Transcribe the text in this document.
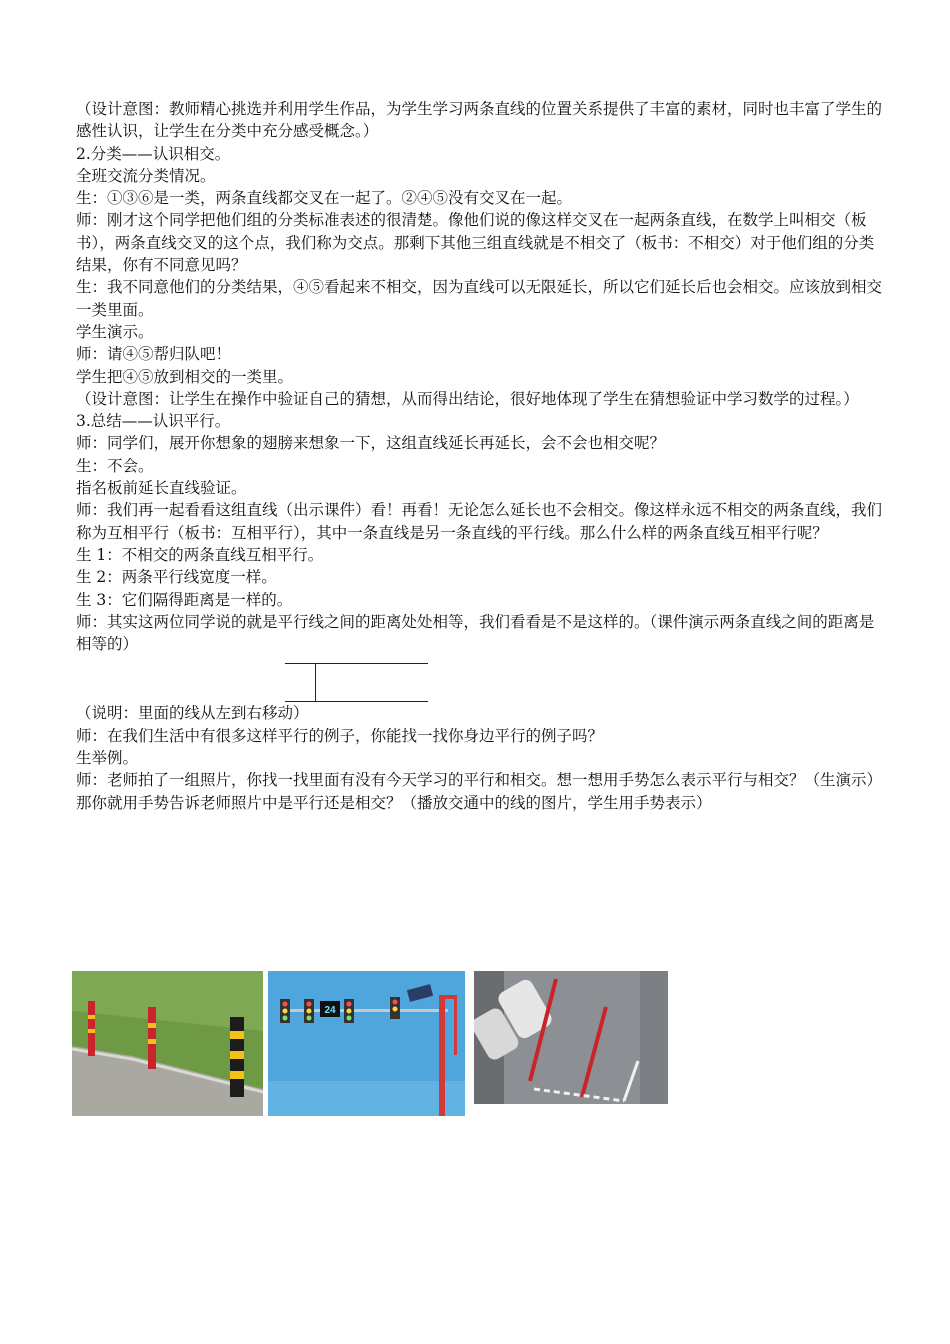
（设计意图：教师精心挑选并利用学生作品，为学生学习两条直线的位置关系提供了丰富的素材，同时也丰富了学生的感性认识，让学生在分类中充分感受概念。）

2.分类——认识相交。

全班交流分类情况。

生：①③⑥是一类，两条直线都交叉在一起了。②④⑤没有交叉在一起。

师：刚才这个同学把他们组的分类标准表述的很清楚。像他们说的像这样交叉在一起两条直线，在数学上叫相交（板书），两条直线交叉的这个点，我们称为交点。那剩下其他三组直线就是不相交了（板书：不相交）对于他们组的分类结果，你有不同意见吗？

生：我不同意他们的分类结果，④⑤看起来不相交，因为直线可以无限延长，所以它们延长后也会相交。应该放到相交一类里面。

学生演示。

师：请④⑤帮归队吧！

学生把④⑤放到相交的一类里。

（设计意图：让学生在操作中验证自己的猜想，从而得出结论，很好地体现了学生在猜想验证中学习数学的过程。）

3.总结——认识平行。

师：同学们，展开你想象的翅膀来想象一下，这组直线延长再延长，会不会也相交呢？

生：不会。

指名板前延长直线验证。

师：我们再一起看看这组直线（出示课件）看！再看！无论怎么延长也不会相交。像这样永远不相交的两条直线，我们称为互相平行（板书：互相平行），其中一条直线是另一条直线的平行线。那么什么样的两条直线互相平行呢？

生 1：不相交的两条直线互相平行。

生 2：两条平行线宽度一样。

生 3：它们隔得距离是一样的。

师：其实这两位同学说的就是平行线之间的距离处处相等，我们看看是不是这样的。（课件演示两条直线之间的距离是相等的）

（说明：里面的线从左到右移动）

师：在我们生活中有很多这样平行的例子，你能找一找你身边平行的例子吗？

生举例。

师：老师拍了一组照片，你找一找里面有没有今天学习的平行和相交。想一想用手势怎么表示平行与相交？（生演示）那你就用手势告诉老师照片中是平行还是相交？（播放交通中的线的图片，学生用手势表示）

24
